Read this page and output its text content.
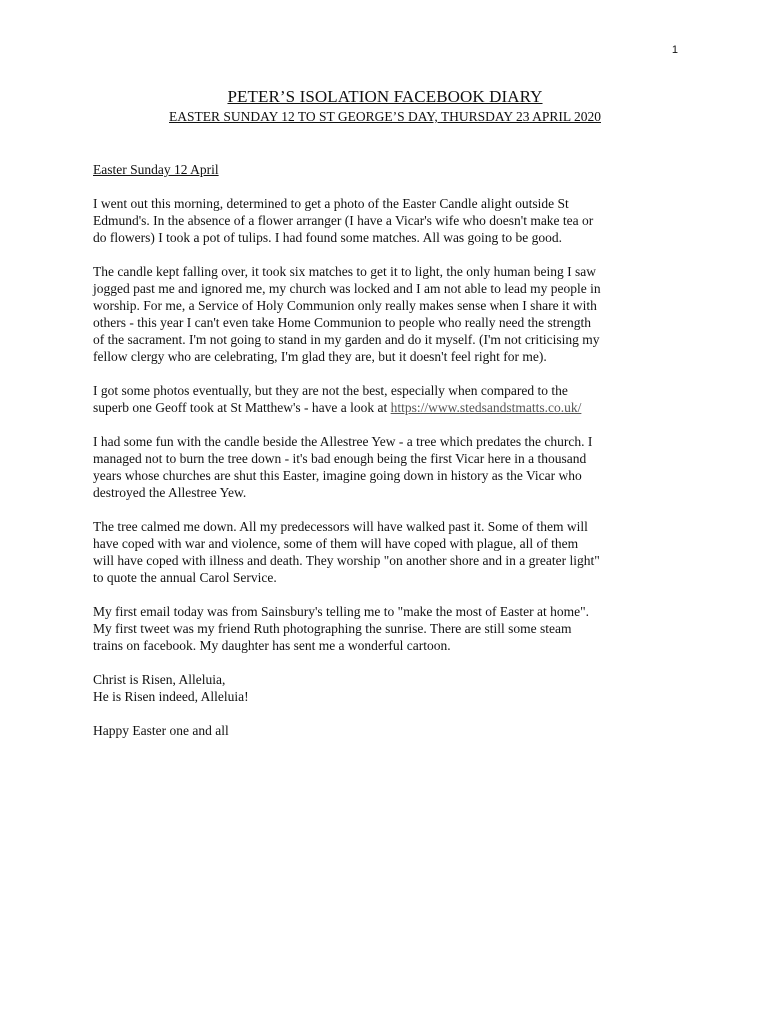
1
PETER’S ISOLATION FACEBOOK DIARY
EASTER SUNDAY 12 TO ST GEORGE’S DAY, THURSDAY 23 APRIL 2020
Easter Sunday 12 April
I went out this morning, determined to get a photo of the Easter Candle alight outside St
Edmund's. In the absence of a flower arranger (I have a Vicar's wife who doesn't make tea or
do flowers) I took a pot of tulips. I had found some matches. All was going to be good.
The candle kept falling over, it took six matches to get it to light, the only human being I saw
jogged past me and ignored me, my church was locked and I am not able to lead my people in
worship. For me, a Service of Holy Communion only really makes sense when I share it with
others - this year I can't even take Home Communion to people who really need the strength
of the sacrament. I'm not going to stand in my garden and do it myself. (I'm not criticising my
fellow clergy who are celebrating, I'm glad they are, but it doesn't feel right for me).
I got some photos eventually, but they are not the best, especially when compared to the
superb one Geoff took at St Matthew's - have a look at https://www.stedsandstmatts.co.uk/
I had some fun with the candle beside the Allestree Yew - a tree which predates the church. I
managed not to burn the tree down - it's bad enough being the first Vicar here in a thousand
years whose churches are shut this Easter, imagine going down in history as the Vicar who
destroyed the Allestree Yew.
The tree calmed me down. All my predecessors will have walked past it. Some of them will
have coped with war and violence, some of them will have coped with plague, all of them
will have coped with illness and death. They worship "on another shore and in a greater light"
to quote the annual Carol Service.
My first email today was from Sainsbury's telling me to "make the most of Easter at home".
My first tweet was my friend Ruth photographing the sunrise. There are still some steam
trains on facebook. My daughter has sent me a wonderful cartoon.
Christ is Risen, Alleluia,
He is Risen indeed, Alleluia!
Happy Easter one and all
